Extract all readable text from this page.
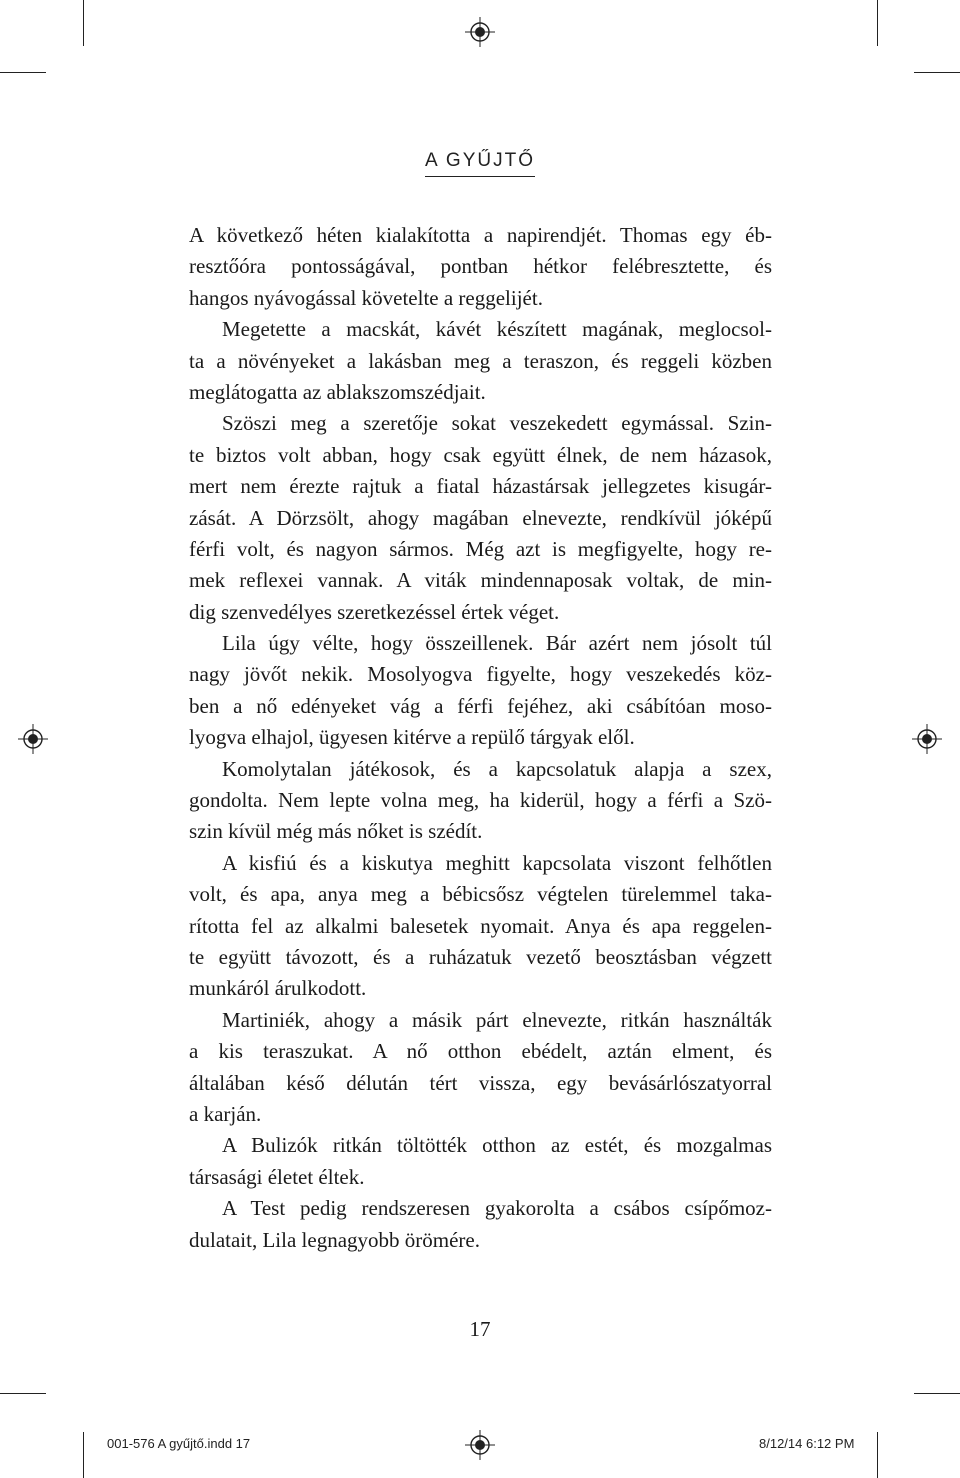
A GYŰJTŐ
A következő héten kialakította a napirendjét. Thomas egy éb-
resztőóra pontosságával, pontban hétkor felébresztette, és
hangos nyávogással követelte a reggelijét.
Megetette a macskát, kávét készített magának, meglocsol-
ta a növényeket a lakásban meg a teraszon, és reggeli közben
meglátogatta az ablakszomszédjait.
Szöszi meg a szeretője sokat veszekedett egymással. Szin-
te biztos volt abban, hogy csak együtt élnek, de nem házasok,
mert nem érezte rajtuk a fiatal házastársak jellegzetes kisugár-
zását. A Dörzsölt, ahogy magában elnevezte, rendkívül jóképű
férfi volt, és nagyon sármos. Még azt is megfigyelte, hogy re-
mek reflexei vannak. A viták mindennaposak voltak, de min-
dig szenvedélyes szeretkezéssel értek véget.
Lila úgy vélte, hogy összeillenek. Bár azért nem jósolt túl
nagy jövőt nekik. Mosolyogva figyelte, hogy veszekedés köz-
ben a nő edényeket vág a férfi fejéhez, aki csábítóan moso-
lyogva elhajol, ügyesen kitérve a repülő tárgyak elől.
Komolytalan játékosok, és a kapcsolatuk alapja a szex,
gondolta. Nem lepte volna meg, ha kiderül, hogy a férfi a Szö-
szin kívül még más nőket is szédít.
A kisfiú és a kiskutya meghitt kapcsolata viszont felhőtlen
volt, és apa, anya meg a bébicsősz végtelen türelemmel taka-
rította fel az alkalmi balesetek nyomait. Anya és apa reggelen-
te együtt távozott, és a ruházatuk vezető beosztásban végzett
munkáról árulkodott.
Martiniék, ahogy a másik párt elnevezte, ritkán használták
a kis teraszukat. A nő otthon ebédelt, aztán elment, és
általában késő délután tért vissza, egy bevásárlószatyorral
a karján.
A Bulizók ritkán töltötték otthon az estét, és mozgalmas
társasági életet éltek.
A Test pedig rendszeresen gyakorolta a csábos csípőmoz-
dulatait, Lila legnagyobb örömére.
17
001-576 A gyűjtő.indd 17	8/12/14 6:12 PM
